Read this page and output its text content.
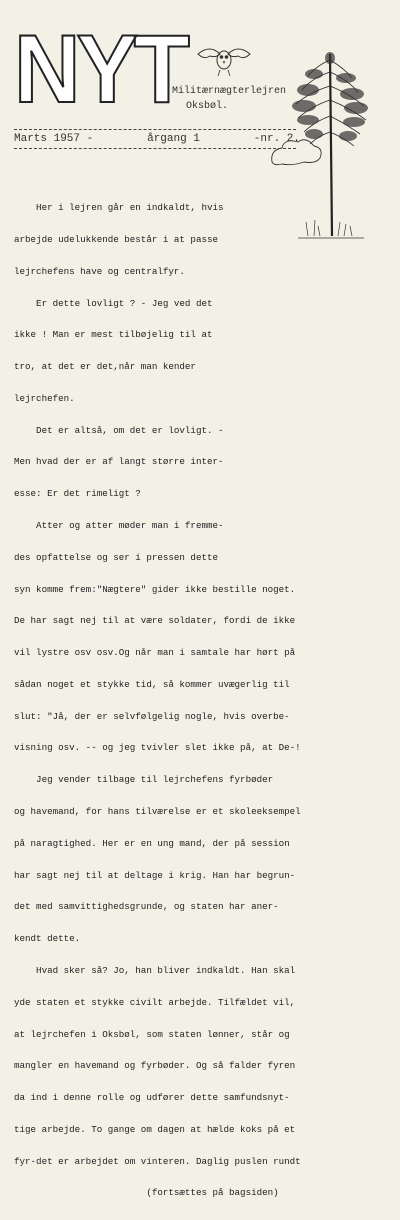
NYT
Militærnægterlejren
Oksbøl.
Marts 1957 -	årgang 1	-nr. 2.

Her i lejren går en indkaldt, hvis

arbejde udelukkende består i at passe

lejrchefens have og centralfyr.

Er dette lovligt ? - Jeg ved det

ikke ! Man er mest tilbøjelig til at

tro, at det er det,når man kender

lejrchefen.

Det er altså, om det er lovligt. -

Men hvad der er af langt større inter-

esse: Er det rimeligt ?

Atter og atter møder man i fremme-

des opfattelse og ser i pressen dette

syn komme frem:"Nægtere" gider ikke bestille noget.

De har sagt nej til at være soldater, fordi de ikke

vil lystre osv osv.Og når man i samtale har hørt på

sådan noget et stykke tid, så kommer uvægerlig til

slut: "Jå, der er selvfølgelig nogle, hvis overbe-

visning osv. -- og jeg tvivler slet ikke på, at De-!

Jeg vender tilbage til lejrchefens fyrbøder

og havemand, for hans tilværelse er et skoleeksempel

på naragtighed. Her er en ung mand, der på session

har sagt nej til at deltage i krig. Han har begrun-

det med samvittighedsgrunde, og staten har aner-

kendt dette.

Hvad sker så? Jo, han bliver indkaldt. Han skal

yde staten et stykke civilt arbejde. Tilfældet vil,

at lejrchefen i Oksbøl, som staten lønner, står og

mangler en havemand og fyrbøder. Og så falder fyren

da ind i denne rolle og udfører dette samfundsnyt-

tige arbejde. To gange om dagen at hælde koks på et

fyr-det er arbejdet om vinteren. Daglig puslen rundt

(fortsættes på bagsiden)
